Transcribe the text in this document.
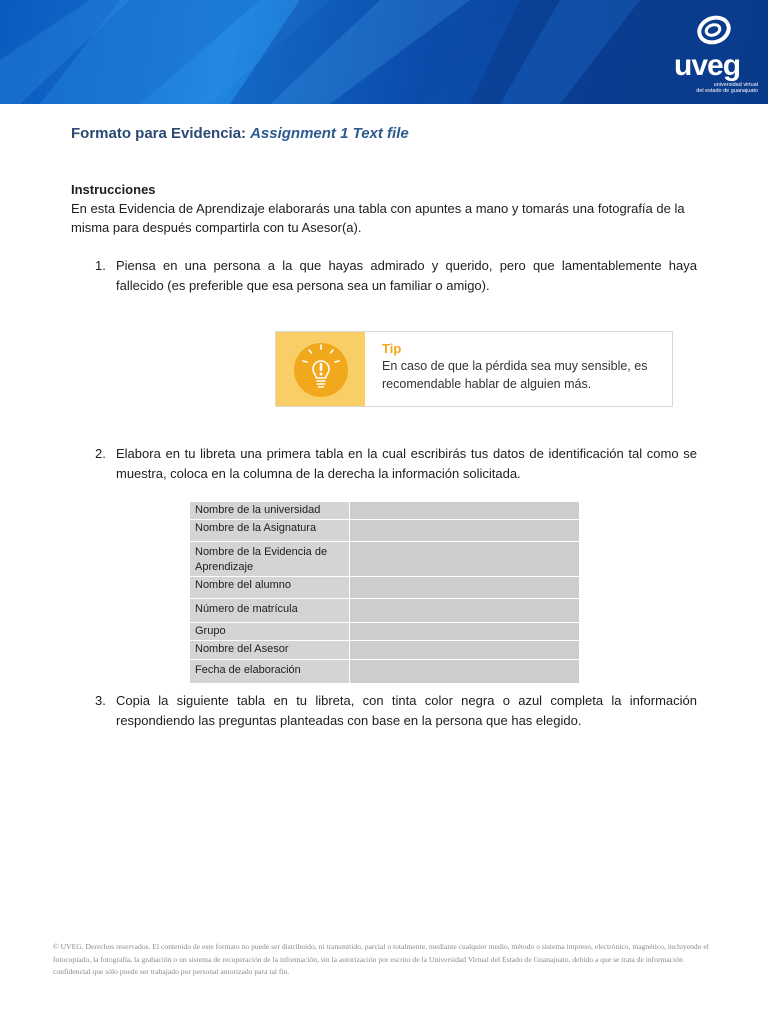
uveg
universidad virtual
del estado de guanajuato
Formato para Evidencia: Assignment 1 Text file
Instrucciones
En esta Evidencia de Aprendizaje elaborarás una tabla con apuntes a mano y tomarás una fotografía de la misma para después compartirla con tu Asesor(a).
1. Piensa en una persona a la que hayas admirado y querido, pero que lamentablemente haya fallecido (es preferible que esa persona sea un familiar o amigo).
Tip
En caso de que la pérdida sea muy sensible, es recomendable hablar de alguien más.
2. Elabora en tu libreta una primera tabla en la cual escribirás tus datos de identificación tal como se muestra, coloca en la columna de la derecha la información solicitada.
Nombre de la universidad	
Nombre de la Asignatura	
Nombre de la Evidencia de Aprendizaje	
Nombre del alumno	
Número de matrícula	
Grupo	
Nombre del Asesor	
Fecha de elaboración	
3. Copia la siguiente tabla en tu libreta, con tinta color negra o azul completa la información respondiendo las preguntas planteadas con base en la persona que has elegido.
© UVEG. Derechos reservados. El contenido de este formato no puede ser distribuido, ni transmitido, parcial o totalmente, mediante cualquier medio, método o sistema impreso, electrónico, magnético, incluyendo el fotocopiado, la fotografía, la grabación o un sistema de recuperación de la información, sin la autorización por escrito de la Universidad Virtual del Estado de Guanajuato, debido a que se trata de información confidencial que sólo puede ser trabajado por personal autorizado para tal fin.
